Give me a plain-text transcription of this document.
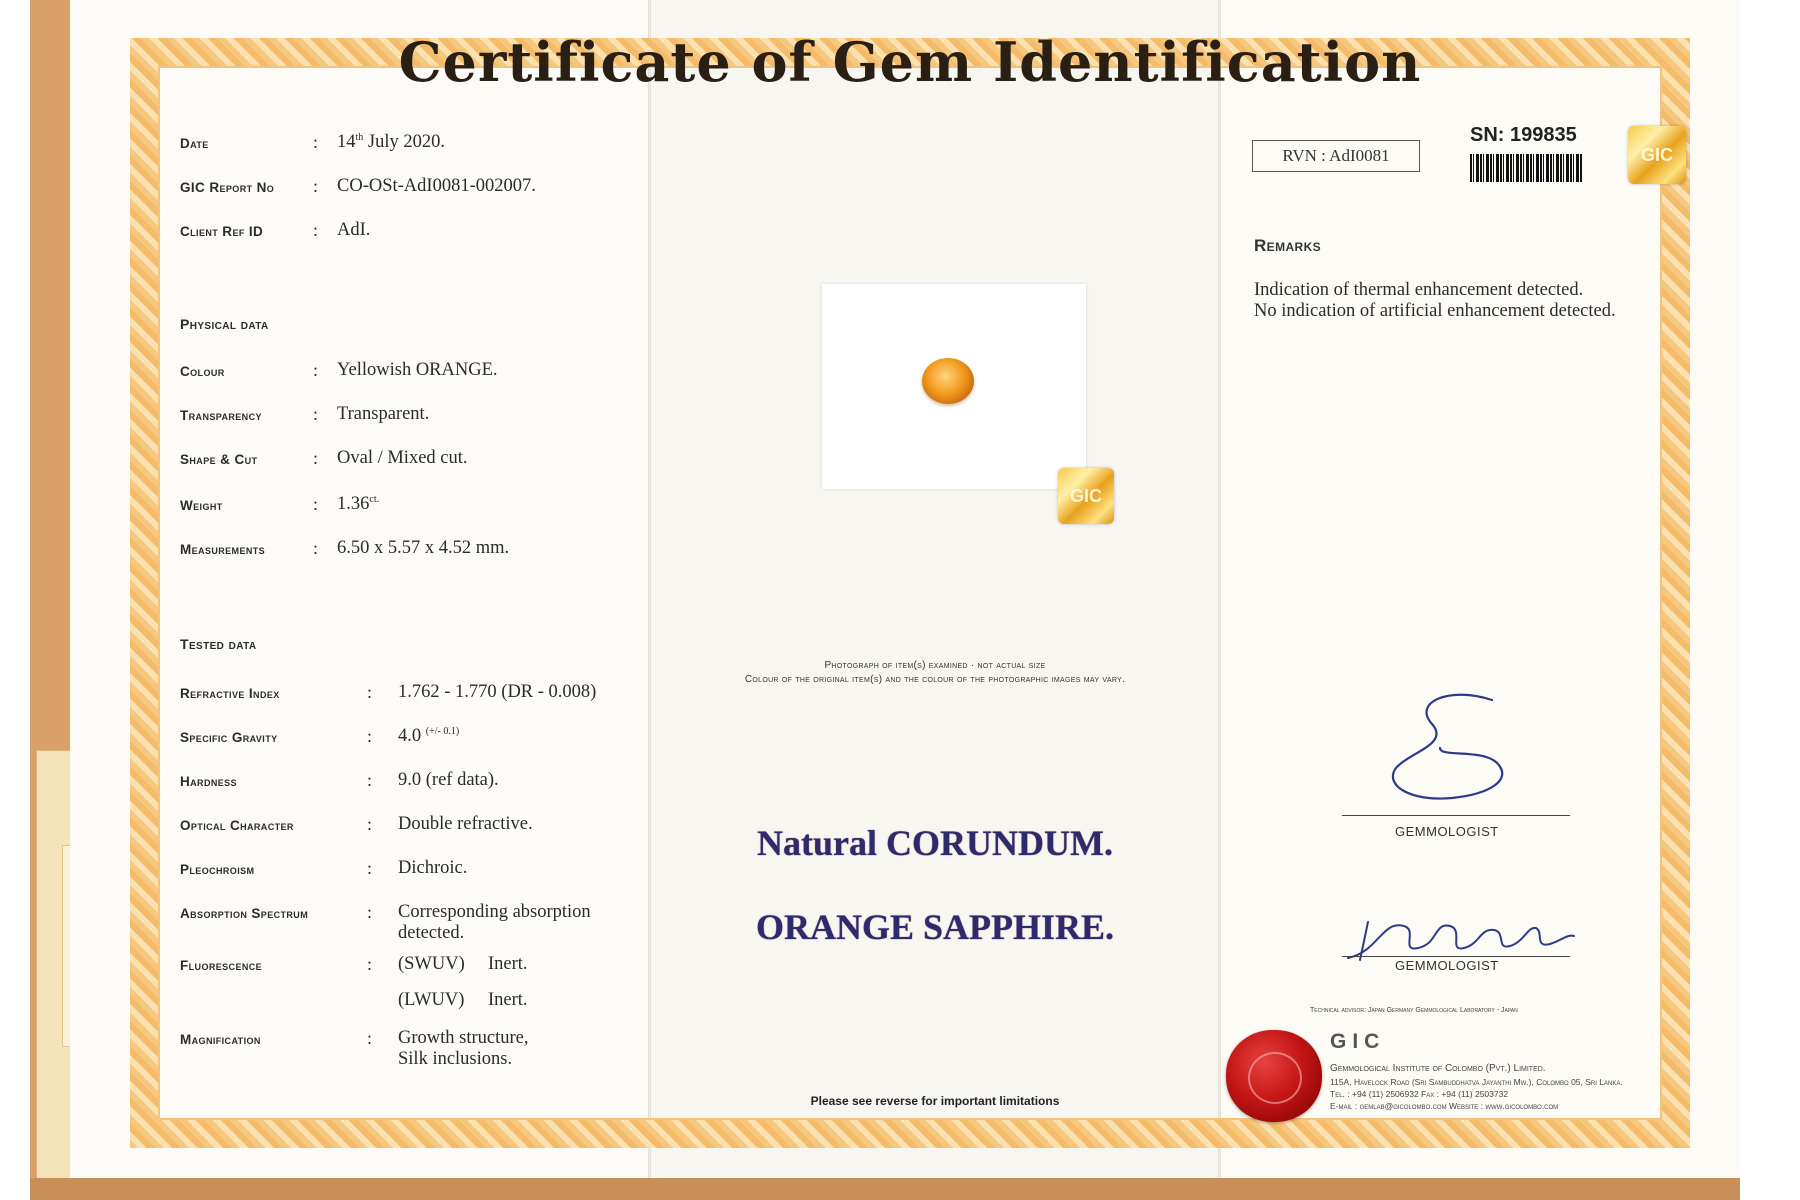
Certificate of Gem Identification
Date	: 14th July 2020.
GIC Report No : CO-OSt-AdI0081-002007.
Client Ref ID	: AdI.
Physical data
Colour	: Yellowish ORANGE.
Transparency	: Transparent.
Shape & Cut	: Oval / Mixed cut.
Weight	: $1.36^{ct.}$
Measurements	: 6.50 x 5.57 x 4.52 mm.
Tested data
Refractive Index	: 1.762 - 1.770 (DR - 0.008)
Specific Gravity	: 4.0 $^{(+/- 0.1)}$
Hardness	: 9.0 (ref data).
Optical Character	: Double refractive.
Pleochroism	: Dichroic.
Absorption Spectrum	: Corresponding absorption
detected.
Fluorescence	: (SWUV) Inert.
(LWUV) Inert.
Magnification	: Growth structure,
Silk inclusions.
GIC
Photograph of item(s) examined · not actual size
Colour of the original item(s) and the colour of the photographic images may vary.
Natural CORUNDUM.
ORANGE SAPPHIRE.
Please see reverse for important limitations
RVN : AdI0081
SN: 199835
GIC
Remarks
Indication of thermal enhancement detected.
No indication of artificial enhancement detected.
GEMMOLOGIST
GEMMOLOGIST
Technical advisor: Japan Germany Gemmological Laboratory - Japan
GIC
Gemmological Institute of Colombo (Pvt.) Limited.
115A, Havelock Road (Sri Sambuddhatva Jayanthi Mw.), Colombo 05, Sri Lanka.
Tel. : +94 (11) 2506932 Fax : +94 (11) 2503732
E-mail : gemlab@gicolombo.com Website : www.gicolombo.com
